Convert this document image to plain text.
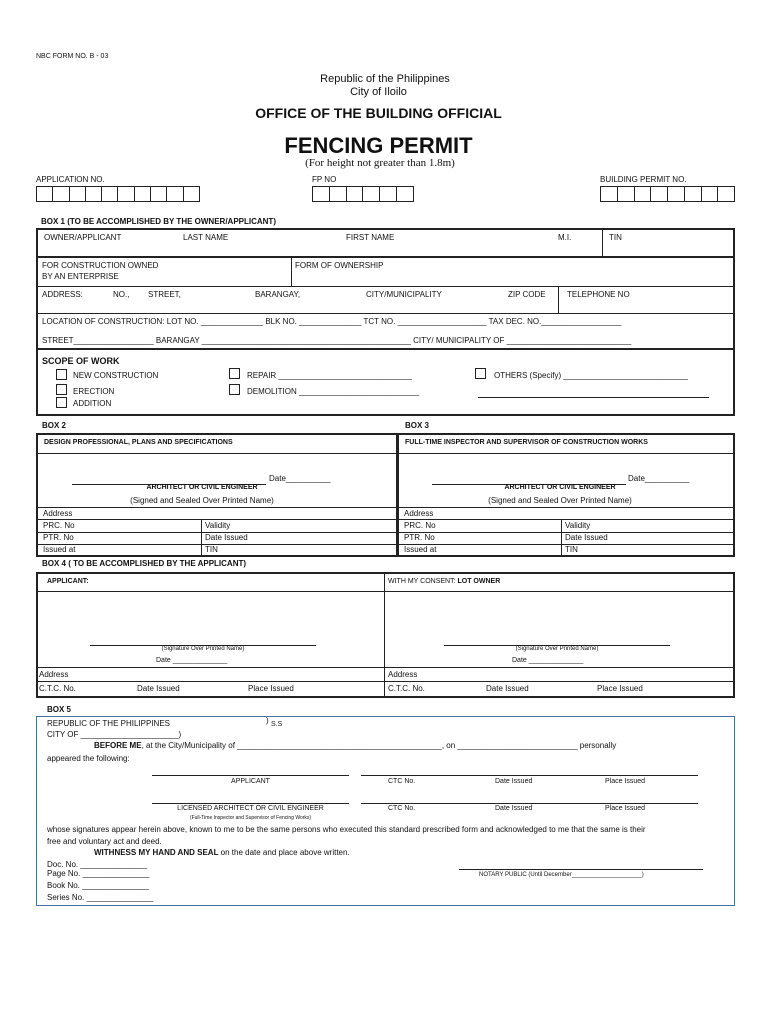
NBC FORM NO. B - 03
Republic of the Philippines
City of Iloilo
OFFICE OF THE BUILDING OFFICIAL
FENCING PERMIT
(For height not greater than 1.8m)
APPLICATION NO.	FP NO	BUILDING PERMIT NO.
BOX 1 (TO BE ACCOMPLISHED BY THE OWNER/APPLICANT)
OWNER/APPLICANT	LAST NAME	FIRST NAME	M.I.	TIN
FOR CONSTRUCTION OWNED
BY AN ENTERPRISE
FORM OF OWNERSHIP
ADDRESS:	NO., STREET,	BARANGAY,	CITY/MUNICIPALITY	ZIP CODE	TELEPHONE NO
LOCATION OF CONSTRUCTION: LOT NO. ______________ BLK NO. ______________ TCT NO. ____________________ TAX DEC. NO.__________________
STREET__________________ BARANGAY _______________________________________________ CITY/ MUNICIPALITY OF ____________________________
SCOPE OF WORK
NEW CONSTRUCTION
ERECTION
ADDITION
REPAIR ______________________________
DEMOLITION ___________________________
OTHERS (Specify) ____________________________
BOX 2	BOX 3
DESIGN PROFESSIONAL, PLANS AND SPECIFICATIONS
Date__________
ARCHITECT OR CIVIL ENGINEER
(Signed and Sealed Over Printed Name)
Address
PRC. No	Validity
PTR. No	Date Issued
Issued at	TIN
FULL-TIME INSPECTOR AND SUPERVISOR OF CONSTRUCTION WORKS
Date__________
ARCHITECT OR CIVIL ENGINEER
(Signed and Sealed Over Printed Name)
Address
PRC. No	Validity
PTR. No	Date Issued
Issued at	TIN
BOX 4 ( TO BE ACCOMPLISHED BY THE APPLICANT)
APPLICANT:	WITH MY CONSENT: LOT OWNER
(Signature Over Printed Name)
Date ______________
(Signature Over Printed Name)
Date ______________
Address	Address
C.T.C. No.	Date Issued	Place Issued	C.T.C. No.	Date Issued	Place Issued
BOX 5
REPUBLIC OF THE PHILIPPINES	) S.S
CITY OF ______________________)
BEFORE ME, at the City/Municipality of ______________________________________________, on ___________________________ personally
appeared the following:
APPLICANT	CTC No.	Date Issued	Place Issued
LICENSED ARCHITECT OR CIVIL ENGINEER
(Full-Time Inspector and Supervisor of Fencing Works)
CTC No.	Date Issued	Place Issued
whose signatures appear herein above, known to me to be the same persons who executed this standard prescribed form and acknowledged to me that the same is their
free and voluntary act and deed.
WITHNESS MY HAND AND SEAL on the date and place above written.
Doc. No. _______________
Page No. _______________
Book No. _______________
Series No. _______________
NOTARY PUBLIC (Until December_____________________)
